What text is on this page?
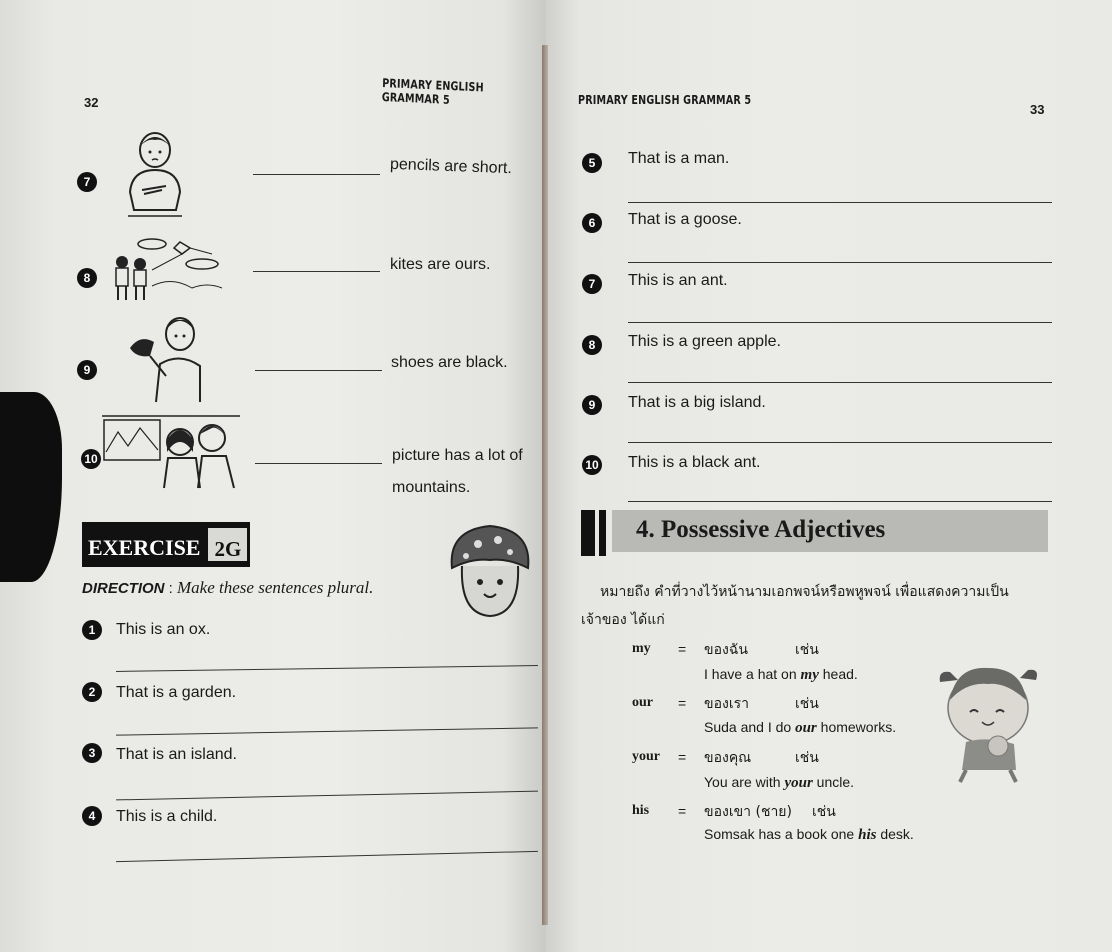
32
PRIMARY ENGLISH GRAMMAR 5
7
pencils are short.
8
kites are ours.
9	shoes are black.
10	picture has a lot of
mountains.
EXERCISE 2G
DIRECTION : Make these sentences plural.
1	This is an ox.
2	That is a garden.
3	That is an island.
4	This is a child.
PRIMARY ENGLISH GRAMMAR 5
33
5	That is a man.
6	That is a goose.
7	This is an ant.
8	This is a green apple.
9	That is a big island.
10 This is a black ant.
4. Possessive Adjectives
หมายถึง คำที่วางไว้หน้านามเอกพจน์หรือพหูพจน์ เพื่อแสดงความเป็น
เจ้าของ ได้แก่
my = ของฉัน	เช่น
I have a hat on my head.
our = ของเรา	เช่น
Suda and I do our homeworks.
your = ของคุณ	เช่น
You are with your uncle.
his = ของเขา (ชาย) เช่น
Somsak has a book one his desk.
